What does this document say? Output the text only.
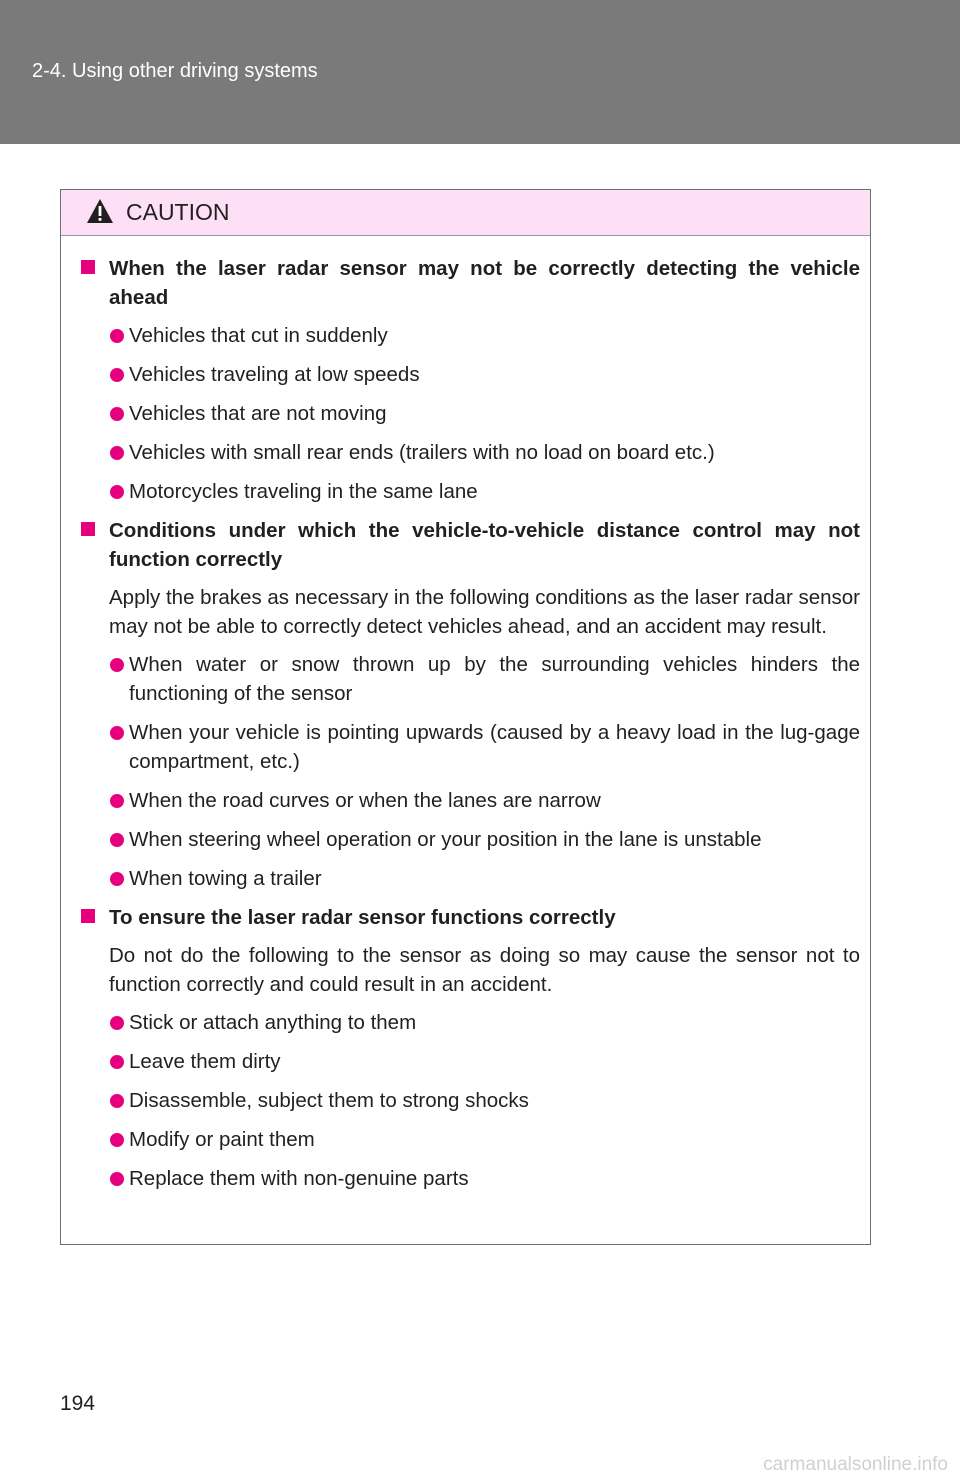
2-4. Using other driving systems
CAUTION
When the laser radar sensor may not be correctly detecting the vehicle ahead
Vehicles that cut in suddenly
Vehicles traveling at low speeds
Vehicles that are not moving
Vehicles with small rear ends (trailers with no load on board etc.)
Motorcycles traveling in the same lane
Conditions under which the vehicle-to-vehicle distance control may not function correctly
Apply the brakes as necessary in the following conditions as the laser radar sensor may not be able to correctly detect vehicles ahead, and an accident may result.
When water or snow thrown up by the surrounding vehicles hinders the functioning of the sensor
When your vehicle is pointing upwards (caused by a heavy load in the lug-gage compartment, etc.)
When the road curves or when the lanes are narrow
When steering wheel operation or your position in the lane is unstable
When towing a trailer
To ensure the laser radar sensor functions correctly
Do not do the following to the sensor as doing so may cause the sensor not to function correctly and could result in an accident.
Stick or attach anything to them
Leave them dirty
Disassemble, subject them to strong shocks
Modify or paint them
Replace them with non-genuine parts
194
carmanualsonline.info
